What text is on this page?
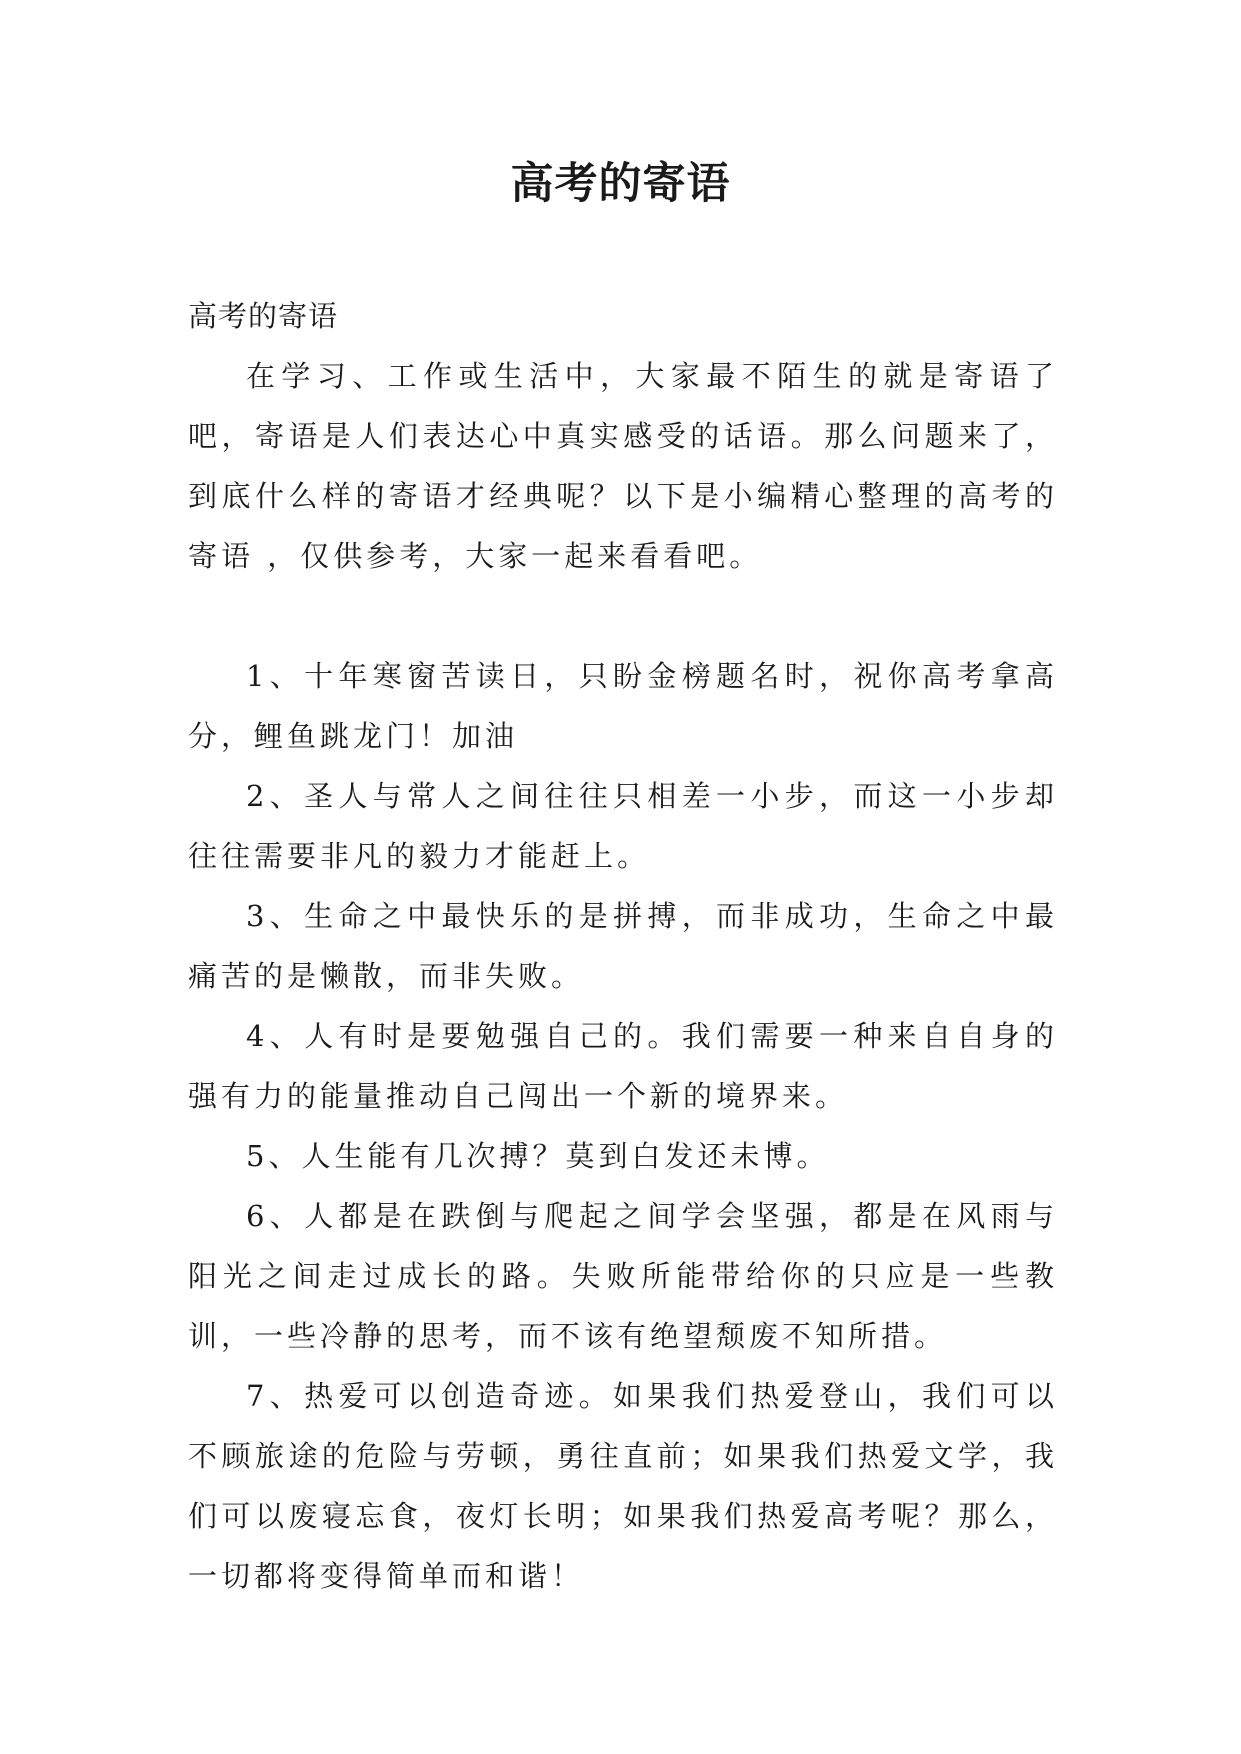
高考的寄语

高考的寄语

在学习、工作或生活中，大家最不陌生的就是寄语了吧，寄语是人们表达心中真实感受的话语。那么问题来了，到底什么样的寄语才经典呢？以下是小编精心整理的高考的寄语 ，仅供参考，大家一起来看看吧。

1、十年寒窗苦读日，只盼金榜题名时，祝你高考拿高分，鲤鱼跳龙门！加油

2、圣人与常人之间往往只相差一小步，而这一小步却往往需要非凡的毅力才能赶上。

3、生命之中最快乐的是拼搏，而非成功，生命之中最痛苦的是懒散，而非失败。

4、人有时是要勉强自己的。我们需要一种来自自身的强有力的能量推动自己闯出一个新的境界来。

5、人生能有几次搏？莫到白发还未博。

6、人都是在跌倒与爬起之间学会坚强，都是在风雨与阳光之间走过成长的路。失败所能带给你的只应是一些教训，一些冷静的思考，而不该有绝望颓废不知所措。

7、热爱可以创造奇迹。如果我们热爱登山，我们可以不顾旅途的危险与劳顿，勇往直前；如果我们热爱文学，我们可以废寝忘食，夜灯长明；如果我们热爱高考呢？那么，一切都将变得简单而和谐！
